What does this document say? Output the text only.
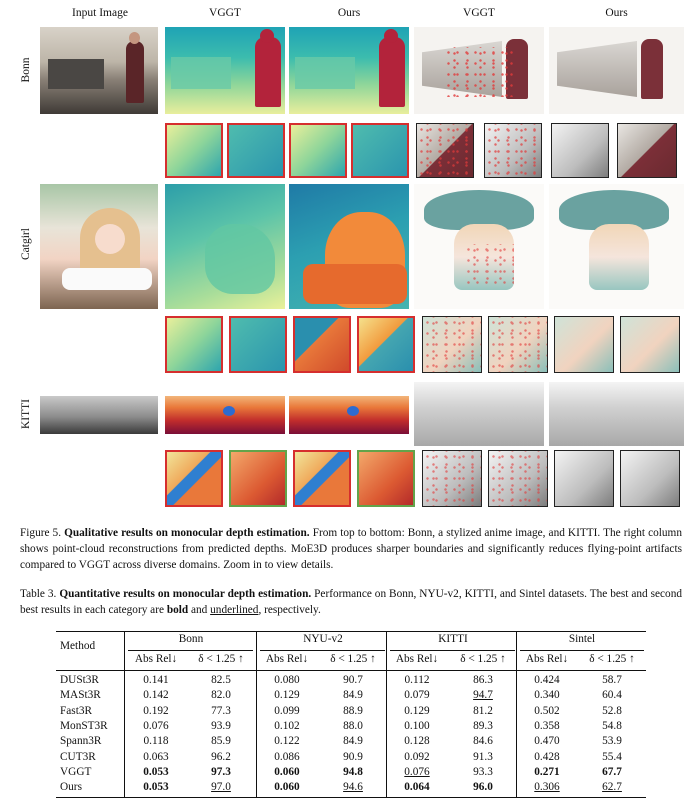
Input Image	VGGT	Ours	VGGT	Ours
Bonn
Catgirl
KITTI
Figure 5. Qualitative results on monocular depth estimation. From top to bottom: Bonn, a stylized anime image, and KITTI. The right column shows point-cloud reconstructions from predicted depths. MoE3D produces sharper boundaries and significantly reduces flying-point artifacts compared to VGGT across diverse domains. Zoom in to view details.
Table 3. Quantitative results on monocular depth estimation. Performance on Bonn, NYU-v2, KITTI, and Sintel datasets. The best and second best results in each category are bold and underlined, respectively.
Method
Bonn	NYU-v2	KITTI	Sintel
Abs Rel↓	δ < 1.25 ↑	Abs Rel↓	δ < 1.25 ↑	Abs Rel↓	δ < 1.25 ↑	Abs Rel↓	δ < 1.25 ↑
DUSt3R	0.141	82.5	0.080	90.7	0.112	86.3	0.424	58.7
MASt3R	0.142	82.0	0.129	84.9	0.079	94.7	0.340	60.4
Fast3R	0.192	77.3	0.099	88.9	0.129	81.2	0.502	52.8
MonST3R	0.076	93.9	0.102	88.0	0.100	89.3	0.358	54.8
Spann3R	0.118	85.9	0.122	84.9	0.128	84.6	0.470	53.9
CUT3R	0.063	96.2	0.086	90.9	0.092	91.3	0.428	55.4
VGGT	0.053	97.3	0.060	94.8	0.076	93.3	0.271	67.7
Ours	0.053	97.0	0.060	94.6	0.064	96.0	0.306	62.7
